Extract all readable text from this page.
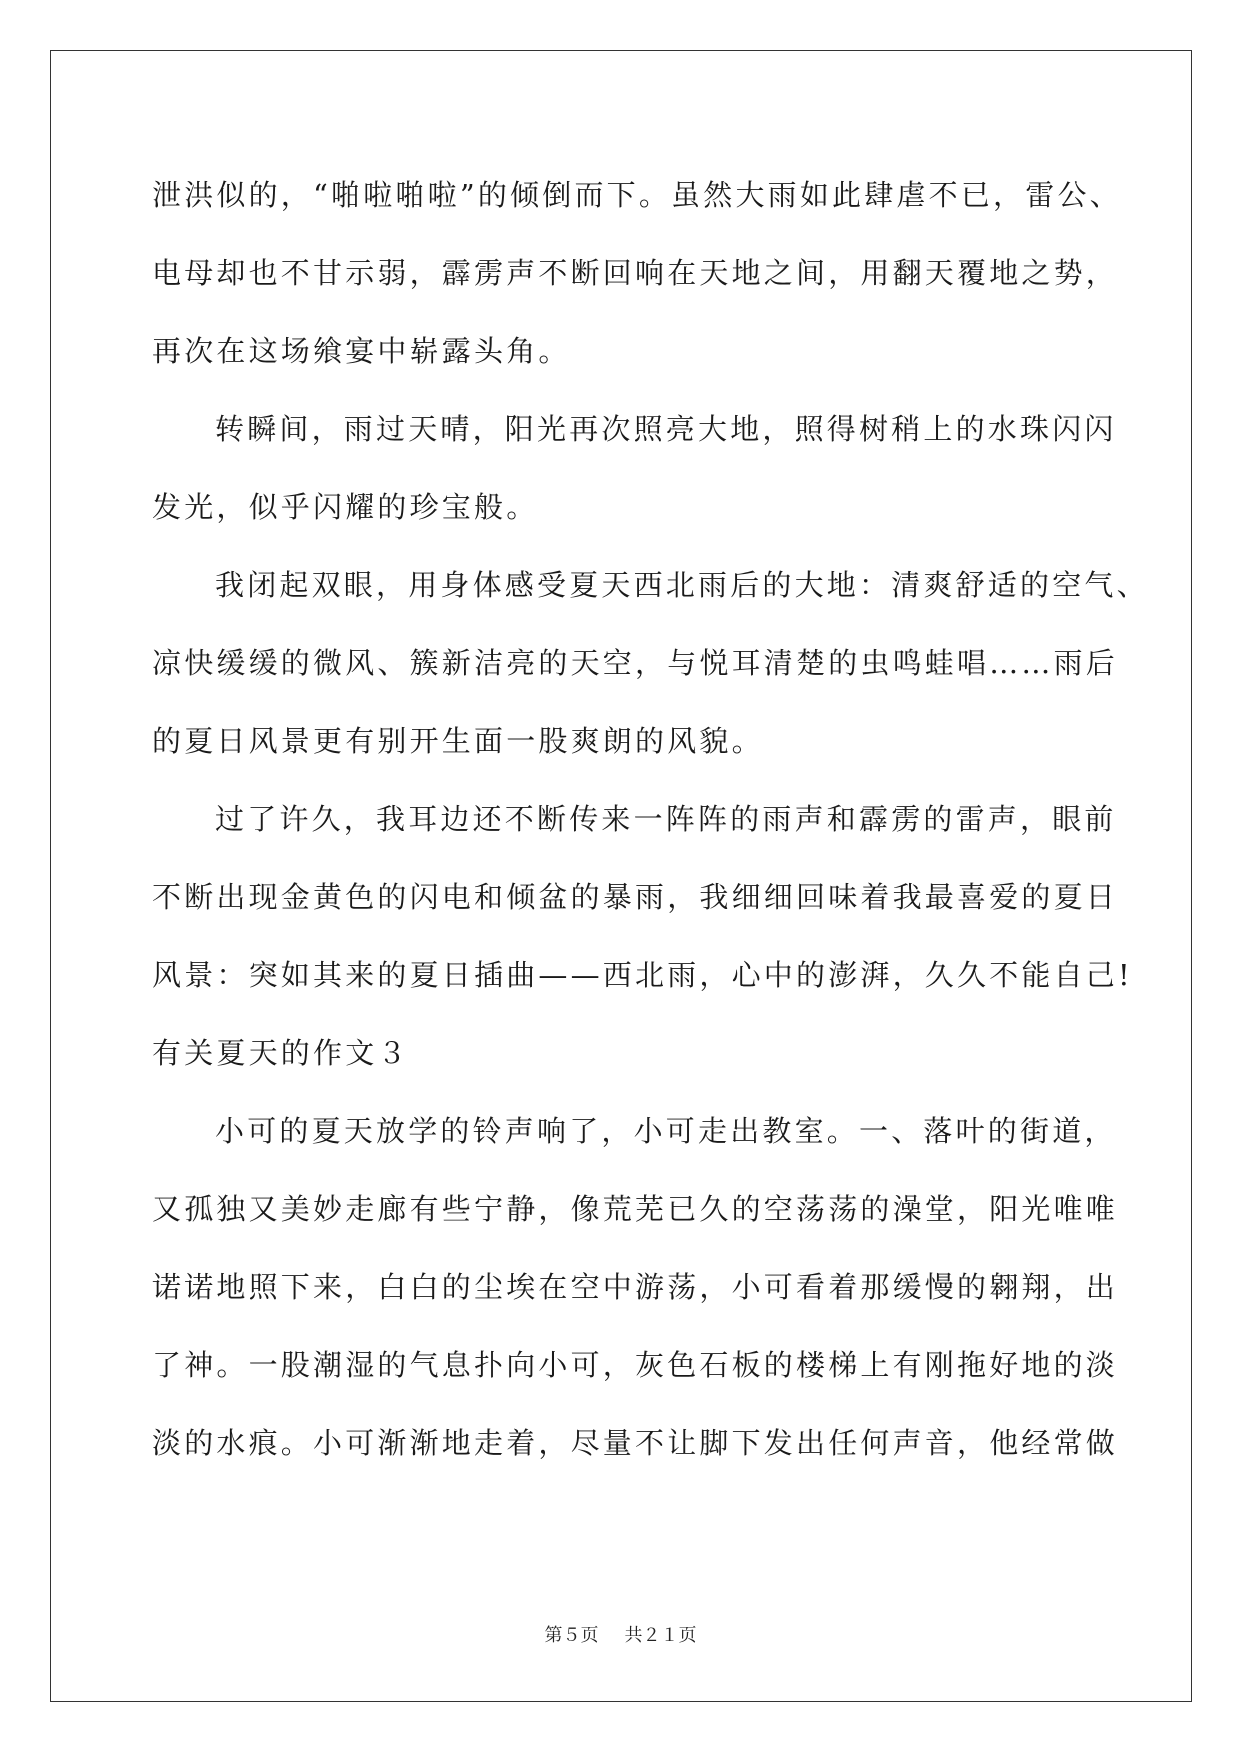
泄洪似的，“啪啦啪啦”的倾倒而下。虽然大雨如此肆虐不已，雷公、
电母却也不甘示弱，霹雳声不断回响在天地之间，用翻天覆地之势，
再次在这场飨宴中崭露头角。
转瞬间，雨过天晴，阳光再次照亮大地，照得树稍上的水珠闪闪
发光，似乎闪耀的珍宝般。
我闭起双眼，用身体感受夏天西北雨后的大地：清爽舒适的空气、
凉快缓缓的微风、簇新洁亮的天空，与悦耳清楚的虫鸣蛙唱……雨后
的夏日风景更有别开生面一股爽朗的风貌。
过了许久，我耳边还不断传来一阵阵的雨声和霹雳的雷声，眼前
不断出现金黄色的闪电和倾盆的暴雨，我细细回味着我最喜爱的夏日
风景：突如其来的夏日插曲——西北雨，心中的澎湃，久久不能自己!
有关夏天的作文３
小可的夏天放学的铃声响了，小可走出教室。一、落叶的街道，
又孤独又美妙走廊有些宁静，像荒芜已久的空荡荡的澡堂，阳光唯唯
诺诺地照下来，白白的尘埃在空中游荡，小可看着那缓慢的翱翔，出
了神。一股潮湿的气息扑向小可，灰色石板的楼梯上有刚拖好地的淡
淡的水痕。小可渐渐地走着，尽量不让脚下发出任何声音，他经常做
第５页 共２１页
